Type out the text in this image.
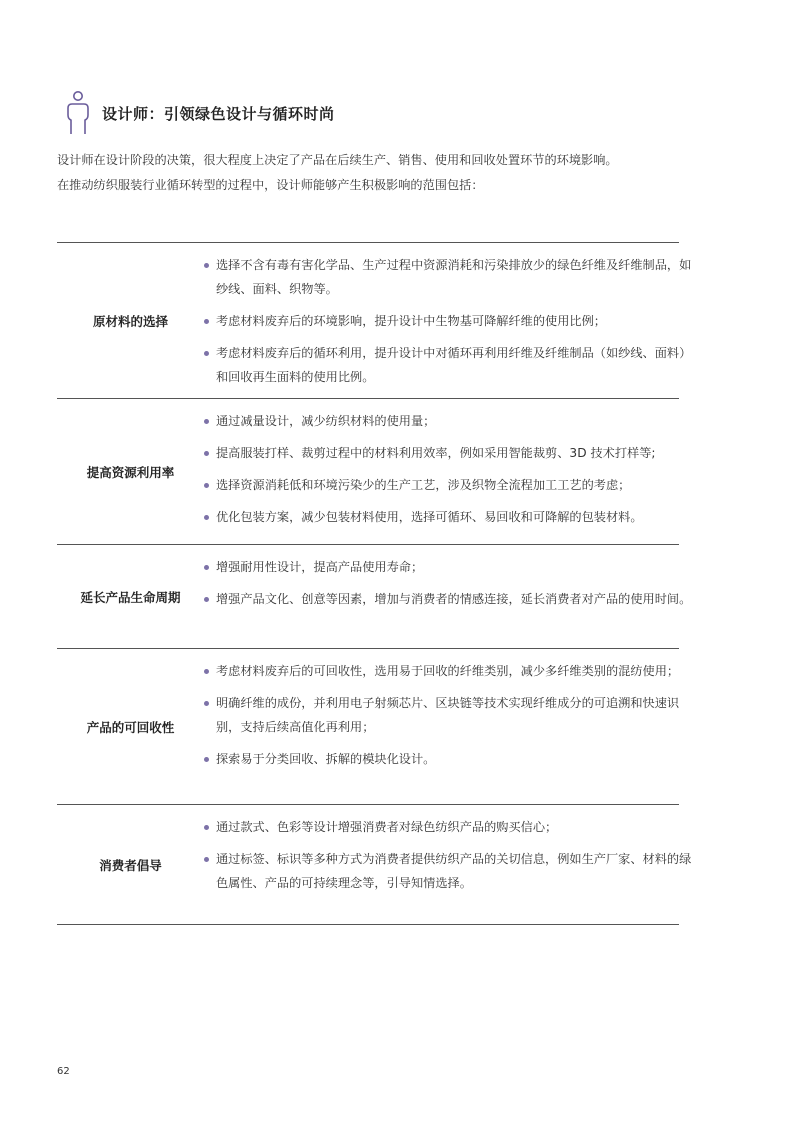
设计师：引领绿色设计与循环时尚

设计师在设计阶段的决策，很大程度上决定了产品在后续生产、销售、使用和回收处置环节的环境影响。

在推动纺织服装行业循环转型的过程中，设计师能够产生积极影响的范围包括：

原材料的选择
选择不含有毒有害化学品、生产过程中资源消耗和污染排放少的绿色纤维及纤维制品，如纱线、面料、织物等。
考虑材料废弃后的环境影响，提升设计中生物基可降解纤维的使用比例；
考虑材料废弃后的循环利用，提升设计中对循环再利用纤维及纤维制品（如纱线、面料）和回收再生面料的使用比例。
提高资源利用率
通过减量设计，减少纺织材料的使用量；
提高服装打样、裁剪过程中的材料利用效率，例如采用智能裁剪、3D 技术打样等;
选择资源消耗低和环境污染少的生产工艺，涉及织物全流程加工工艺的考虑；
优化包装方案，减少包装材料使用，选择可循环、易回收和可降解的包装材料。
延长产品生命周期
增强耐用性设计，提高产品使用寿命；
增强产品文化、创意等因素，增加与消费者的情感连接，延长消费者对产品的使用时间。
产品的可回收性
考虑材料废弃后的可回收性，选用易于回收的纤维类别，减少多纤维类别的混纺使用；
明确纤维的成份，并利用电子射频芯片、区块链等技术实现纤维成分的可追溯和快速识别，支持后续高值化再利用；
探索易于分类回收、拆解的模块化设计。
消费者倡导
通过款式、色彩等设计增强消费者对绿色纺织产品的购买信心；
通过标签、标识等多种方式为消费者提供纺织产品的关切信息，例如生产厂家、材料的绿色属性、产品的可持续理念等，引导知情选择。
62
